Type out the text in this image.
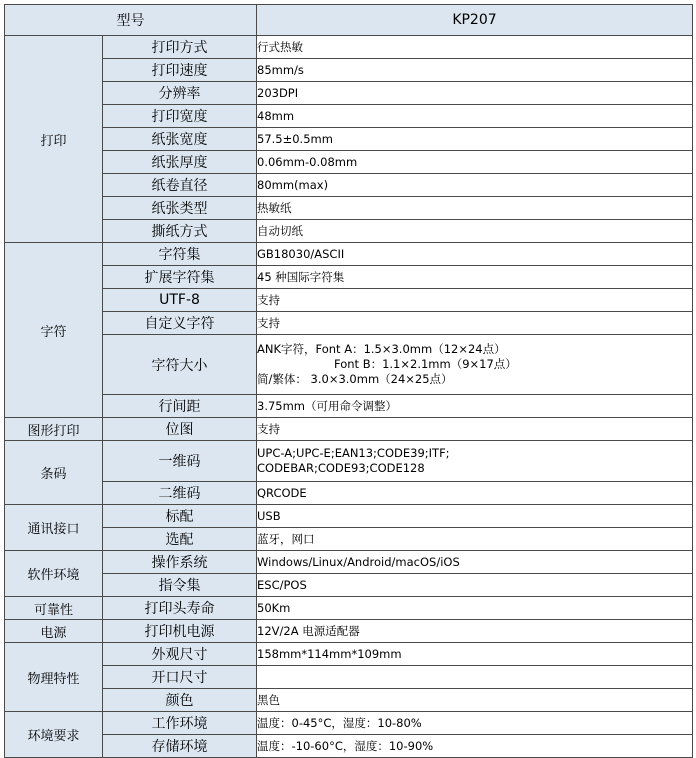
型号		KP207
打印	打印方式	行式热敏
	打印速度	85mm/s
	分辨率	203DPI
	打印宽度	48mm
	纸张宽度	57.5±0.5mm
	纸张厚度	0.06mm-0.08mm
	纸卷直径	80mm(max)
	纸张类型	热敏纸
	撕纸方式	自动切纸
字符	字符集	GB18030/ASCII
	扩展字符集	45 种国际字符集
	UTF-8	支持
	自定义字符	支持
	字符大小	ANK字符，Font A：1.5×3.0mm（12×24点）
Font B：1.1×2.1mm（9×17点）
简/繁体： 3.0×3.0mm（24×25点）

	行间距	3.75mm（可用命令调整）
图形打印	位图	支持
条码	一维码	UPC-A;UPC-E;EAN13;CODE39;ITF;
CODEBAR;CODE93;CODE128

	二维码	QRCODE
通讯接口	标配	USB
	选配	蓝牙，网口
软件环境	操作系统	Windows/Linux/Android/macOS/iOS
	指令集	ESC/POS
可靠性	打印头寿命	50Km
电源	打印机电源	12V/2A 电源适配器
物理特性	外观尺寸	158mm*114mm*109mm
	开口尺寸	
	颜色	黑色
环境要求	工作环境	温度：0-45°C，湿度：10-80%
	存储环境	温度：-10-60°C，湿度：10-90%
